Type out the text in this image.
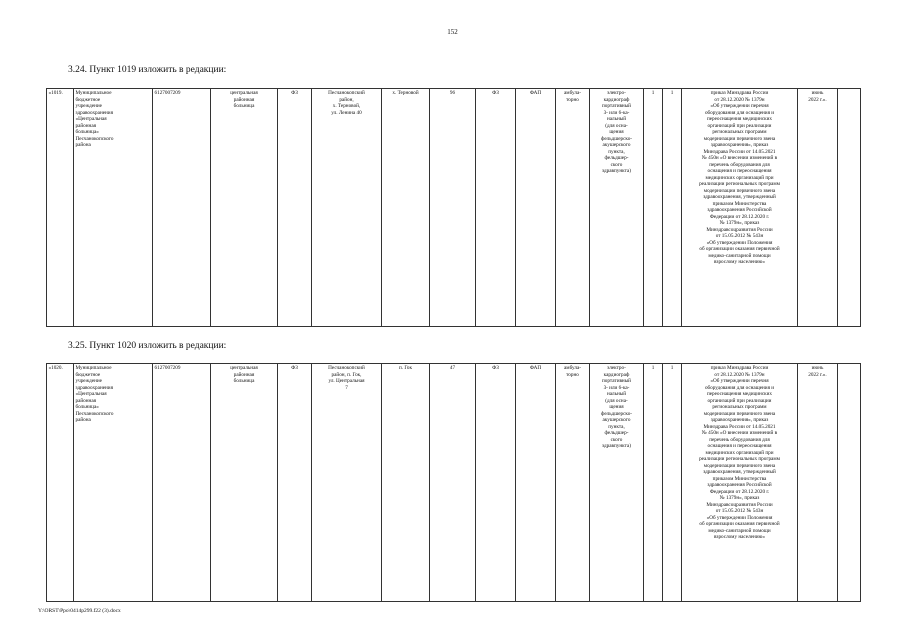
152
3.24. Пункт 1019 изложить в редакции:
«1019.	Муниципальное
бюджетное
учреждение
здравоохранения
«Центральная
районная
больница»
Песчанокопского
района	6127007209	центральная
районная
больница	ФЗ	Песчанокопский
район,
х. Терновой,
ул. Ленина 40	х. Терновой	96	ФЗ	ФАП	амбула-
торно	электро-
кардиограф
портативный
3- или 6-ка-
нальный
(для осна-
щения
фельдшерско-
акушерского
пункта,
фельдшер-
ского
здравпункта)	1	1	приказ Минздрава России
от 28.12.2020 № 1379н
«Об утверждении перечня
оборудования для оснащения и
переоснащения медицинских
организаций при реализации
региональных программ
модернизации первичного звена
здравоохранения», приказ
Минздрава России от 14.05.2021
№ 450н «О внесении изменений в
перечень оборудования для
оснащения и переоснащения
медицинских организаций при
реализации региональных программ
модернизации первичного звена
здравоохранения, утвержденный
приказом Министерства
здравоохранения Российской
Федерации от 28.12.2020 г.
№ 1379н», приказ
Минздравсоцразвития России
от 15.05.2012 № 543н
«Об утверждении Положения
об организации оказания первичной
медико-санитарной помощи
взрослому населению»	июнь
2022 г.».	
3.25. Пункт 1020 изложить в редакции:
«1020.	Муниципальное
бюджетное
учреждение
здравоохранения
«Центральная
районная
больница»
Песчанокопского
района	6127007209	центральная
районная
больница	ФЗ	Песчанокопский
район, п. Гок,
ул. Центральная
7	п. Гок	47	ФЗ	ФАП	амбула-
торно	электро-
кардиограф
портативный
3- или 6-ка-
нальный
(для осна-
щения
фельдшерско-
акушерского
пункта,
фельдшер-
ского
здравпункта)	1	1	приказ Минздрава России
от 28.12.2020 № 1379н
«Об утверждении перечня
оборудования для оснащения и
переоснащения медицинских
организаций при реализации
региональных программ
модернизации первичного звена
здравоохранения», приказ
Минздрава России от 14.05.2021
№ 450н «О внесении изменений в
перечень оборудования для
оснащения и переоснащения
медицинских организаций при
реализации региональных программ
модернизации первичного звена
здравоохранения, утвержденный
приказом Министерства
здравоохранения Российской
Федерации от 28.12.2020 г.
№ 1379н», приказ
Минздравсоцразвития России
от 15.05.2012 № 543н
«Об утверждении Положения
об организации оказания первичной
медико-санитарной помощи
взрослому населению»	июнь
2022 г.».	
Y:\ORST\Ppo\0414p299.f22 (3).docx
